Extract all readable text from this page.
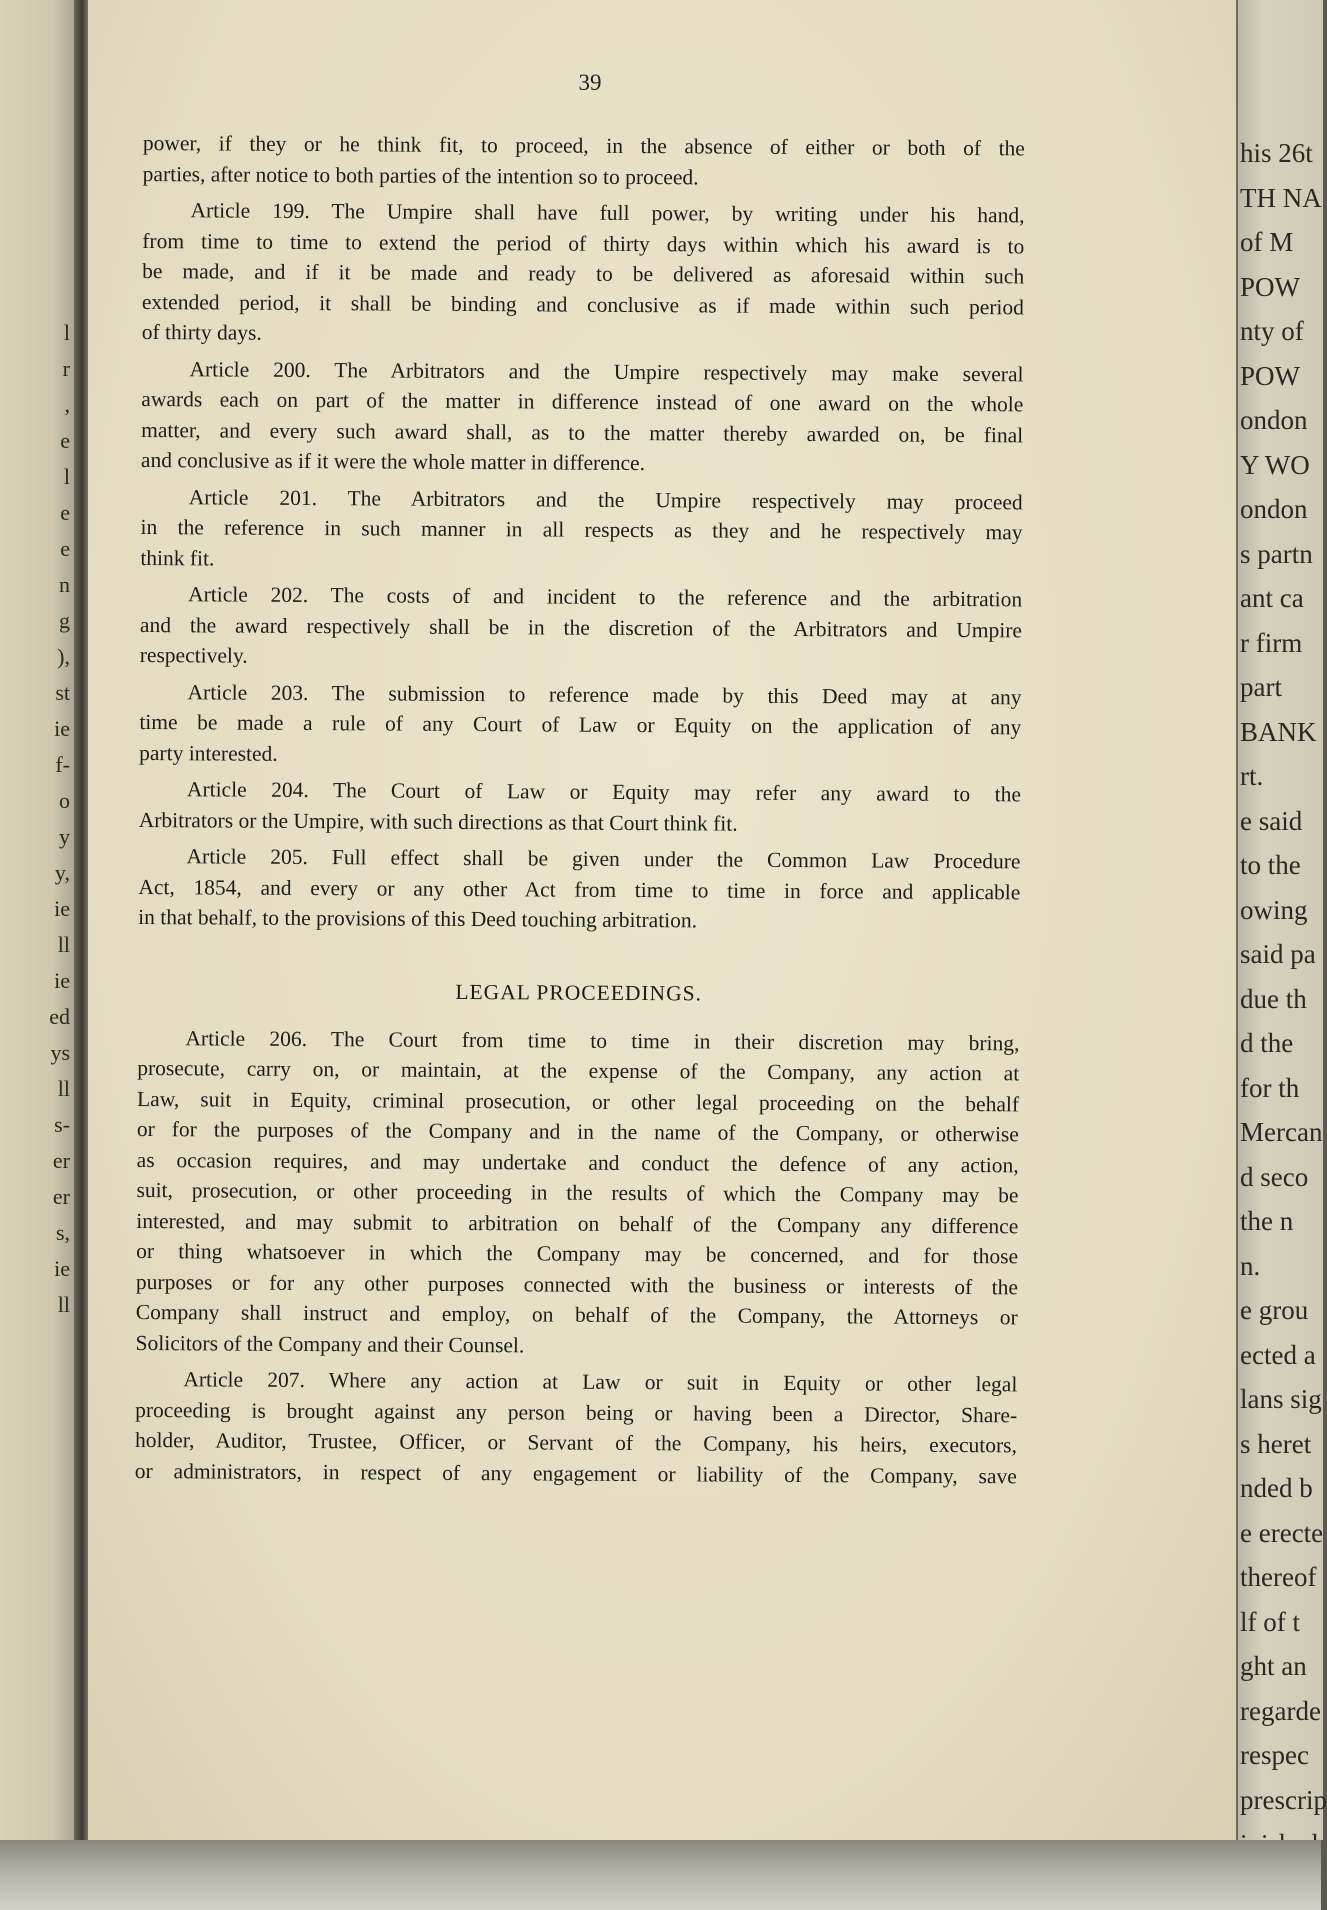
l
r
,
e
l
e
e
n
g
),
st
ie
f-
o
y
y,
ie
ll
ie
ed
ys
ll
s-
er
er
s,
ie
ll
his 26t
TH NA
of M
POW
nty of
POW
ondon
Y WO
ondon
s partn
ant ca
r firm
part
BANK
rt.
e said
to the
owing
said pa
due th
d the
for th
Mercan
d seco
the n
n.
e grou
ected a
lans sig
s heret
nded b
e erecte
thereof
lf of t
ght an
regarde
respec
prescrip
39
power, if they or he think fit, to proceed, in the absence of either or both of the
parties, after notice to both parties of the intention so to proceed.
Article 199. The Umpire shall have full power, by writing under his hand,
from time to time to extend the period of thirty days within which his award is to
be made, and if it be made and ready to be delivered as aforesaid within such
extended period, it shall be binding and conclusive as if made within such period
of thirty days.
Article 200. The Arbitrators and the Umpire respectively may make several
awards each on part of the matter in difference instead of one award on the whole
matter, and every such award shall, as to the matter thereby awarded on, be final
and conclusive as if it were the whole matter in difference.
Article 201. The Arbitrators and the Umpire respectively may proceed
in the reference in such manner in all respects as they and he respectively may
think fit.
Article 202. The costs of and incident to the reference and the arbitration
and the award respectively shall be in the discretion of the Arbitrators and Umpire
respectively.
Article 203. The submission to reference made by this Deed may at any
time be made a rule of any Court of Law or Equity on the application of any
party interested.
Article 204. The Court of Law or Equity may refer any award to the
Arbitrators or the Umpire, with such directions as that Court think fit.
Article 205. Full effect shall be given under the Common Law Procedure
Act, 1854, and every or any other Act from time to time in force and applicable
in that behalf, to the provisions of this Deed touching arbitration.
LEGAL PROCEEDINGS.
Article 206. The Court from time to time in their discretion may bring,
prosecute, carry on, or maintain, at the expense of the Company, any action at
Law, suit in Equity, criminal prosecution, or other legal proceeding on the behalf
or for the purposes of the Company and in the name of the Company, or otherwise
as occasion requires, and may undertake and conduct the defence of any action,
suit, prosecution, or other proceeding in the results of which the Company may be
interested, and may submit to arbitration on behalf of the Company any difference
or thing whatsoever in which the Company may be concerned, and for those
purposes or for any other purposes connected with the business or interests of the
Company shall instruct and employ, on behalf of the Company, the Attorneys or
Solicitors of the Company and their Counsel.
Article 207. Where any action at Law or suit in Equity or other legal
proceeding is brought against any person being or having been a Director, Share-
holder, Auditor, Trustee, Officer, or Servant of the Company, his heirs, executors,
or administrators, in respect of any engagement or liability of the Company, save
